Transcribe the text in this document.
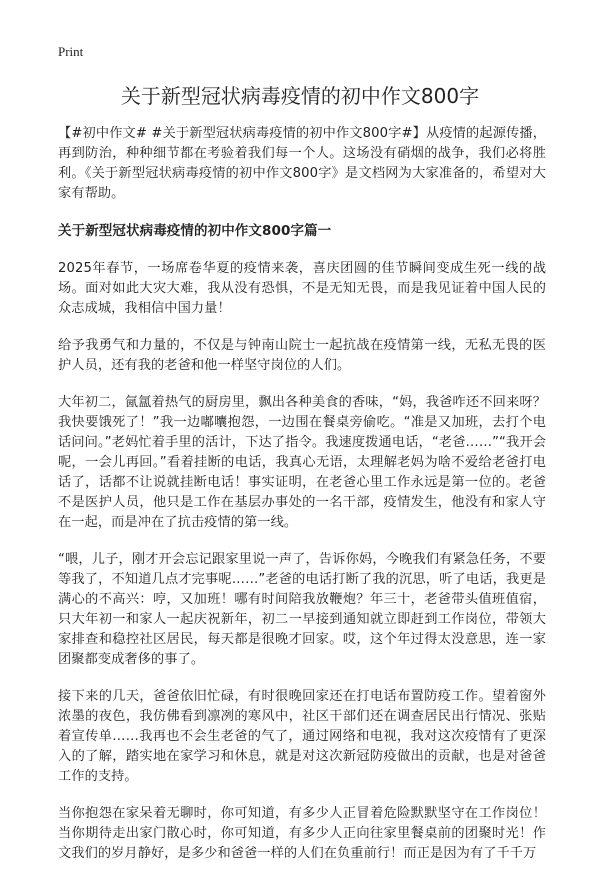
Print
关于新型冠状病毒疫情的初中作文800字

【#初中作文# #关于新型冠状病毒疫情的初中作文800字#】从疫情的起源传播，再到防治，种种细节都在考验着我们每一个人。这场没有硝烟的战争，我们必将胜利。《关于新型冠状病毒疫情的初中作文800字》是文档网为大家准备的，希望对大家有帮助。

关于新型冠状病毒疫情的初中作文800字篇一

2025年春节，一场席卷华夏的疫情来袭，喜庆团圆的佳节瞬间变成生死一线的战场。面对如此大灾大难，我从没有恐惧，不是无知无畏，而是我见证着中国人民的众志成城，我相信中国力量！

给予我勇气和力量的，不仅是与钟南山院士一起抗战在疫情第一线，无私无畏的医护人员，还有我的老爸和他一样坚守岗位的人们。

大年初二，氤氲着热气的厨房里，飘出各种美食的香味，“妈，我爸咋还不回来呀？我快要饿死了！”我一边嘟囔抱怨，一边围在餐桌旁偷吃。“准是又加班，去打个电话问问。”老妈忙着手里的活计，下达了指令。我速度拨通电话，“老爸……”“我开会呢，一会儿再回。”看着挂断的电话，我真心无语，太理解老妈为啥不爱给老爸打电话了，话都不让说就挂断电话！事实证明，在老爸心里工作永远是第一位的。老爸不是医护人员，他只是工作在基层办事处的一名干部，疫情发生，他没有和家人守在一起，而是冲在了抗击疫情的第一线。

“喂，儿子，刚才开会忘记跟家里说一声了，告诉你妈，今晚我们有紧急任务，不要等我了，不知道几点才完事呢……”老爸的电话打断了我的沉思，听了电话，我更是满心的不高兴：哼，又加班！哪有时间陪我放鞭炮？年三十，老爸带头值班值宿，只大年初一和家人一起庆祝新年，初二一早接到通知就立即赶到工作岗位，带领大家排查和稳控社区居民，每天都是很晚才回家。哎，这个年过得太没意思，连一家团聚都变成奢侈的事了。

接下来的几天，爸爸依旧忙碌，有时很晚回家还在打电话布置防疫工作。望着窗外浓墨的夜色，我仿佛看到凛冽的寒风中，社区干部们还在调查居民出行情况、张贴着宣传单……我再也不会生老爸的气了，通过网络和电视，我对这次疫情有了更深入的了解，踏实地在家学习和休息，就是对这次新冠防疫做出的贡献，也是对爸爸工作的支持。

当你抱怨在家呆着无聊时，你可知道，有多少人正冒着危险默默坚守在工作岗位！当你期待走出家门散心时，你可知道，有多少人正向往家里餐桌前的团聚时光！作文我们的岁月静好，是多少和爸爸一样的人们在负重前行！而正是因为有了千千万
